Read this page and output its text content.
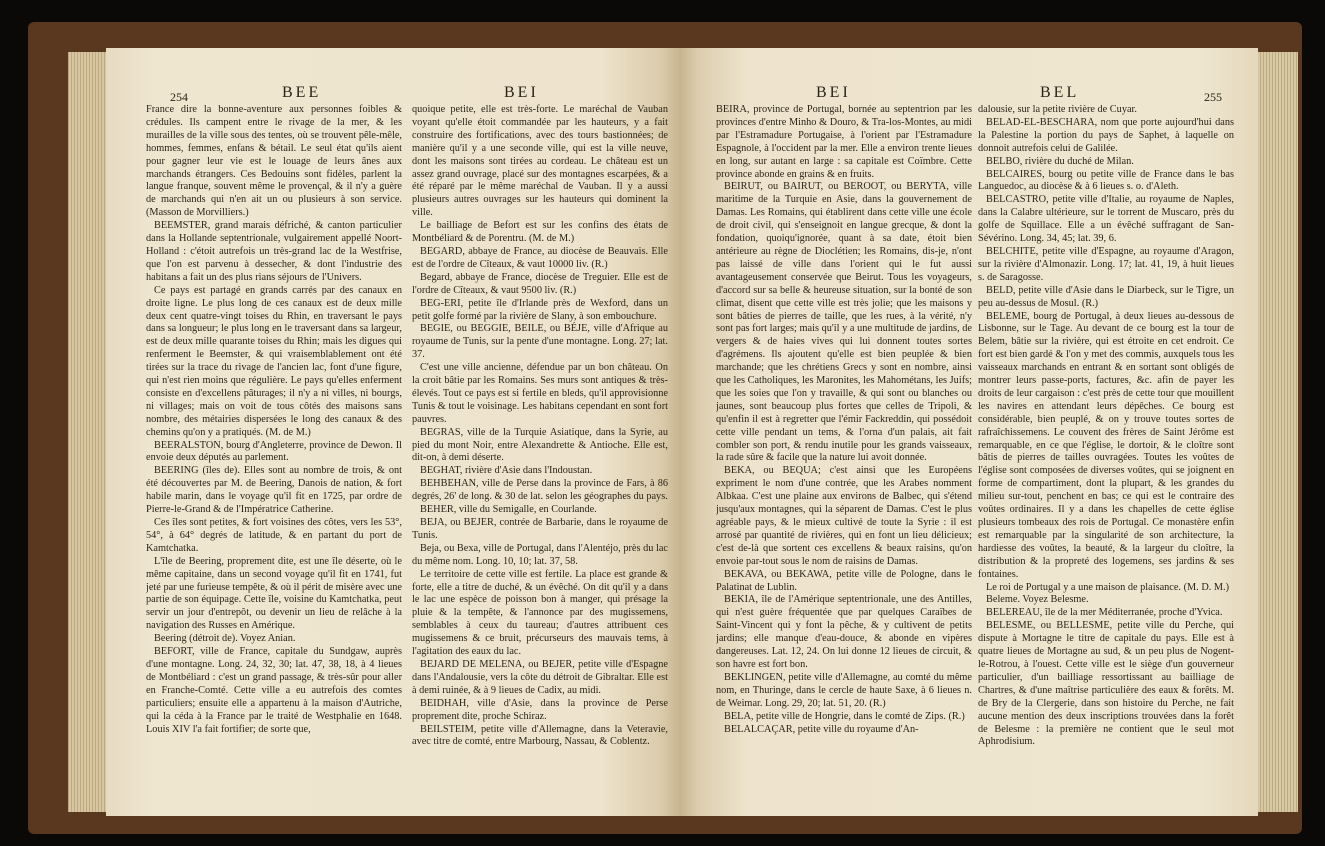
254	BEE	BEI

France dire la bonne-aventure aux personnes foibles & crédules. Ils campent entre le rivage de la mer, & les murailles de la ville sous des tentes, où se trouvent pêle-mêle, hommes, femmes, enfans & bétail. Le seul état qu'ils aient pour gagner leur vie est le louage de leurs ânes aux marchands étrangers. Ces Bedouins sont fidèles, parlent la langue franque, souvent même le provençal, & il n'y a guère de marchands qui n'en ait un ou plusieurs à son service. (Masson de Morvilliers.)

BEEMSTER, grand marais défriché, & canton particulier dans la Hollande septentrionale, vulgairement appellé Noort-Holland : c'étoit autrefois un très-grand lac de la Westfrise, que l'on est parvenu à dessecher, & dont l'industrie des habitans a fait un des plus rians séjours de l'Univers.

Ce pays est partagé en grands carrés par des canaux en droite ligne. Le plus long de ces canaux est de deux mille deux cent quatre-vingt toises du Rhin, en traversant le pays dans sa longueur; le plus long en le traversant dans sa largeur, est de deux mille quarante toises du Rhin; mais les digues qui renferment le Beemster, & qui vraisemblablement ont été tirées sur la trace du rivage de l'ancien lac, font d'une figure, qui n'est rien moins que régulière. Le pays qu'elles enferment consiste en d'excellens pâturages; il n'y a ni villes, ni bourgs, ni villages; mais on voit de tous côtés des maisons sans nombre, des métairies dispersées le long des canaux & des chemins qu'on y a pratiqués. (M. de M.)

BEERALSTON, bourg d'Angleterre, province de Dewon. Il envoie deux députés au parlement.

BEERING (îles de). Elles sont au nombre de trois, & ont été découvertes par M. de Beering, Danois de nation, & fort habile marin, dans le voyage qu'il fit en 1725, par ordre de Pierre-le-Grand & de l'Impératrice Catherine.

Ces îles sont petites, & fort voisines des côtes, vers les 53°, 54°, à 64° degrés de latitude, & en partant du port de Kamtchatka.

L'île de Beering, proprement dite, est une île déserte, où le même capitaine, dans un second voyage qu'il fit en 1741, fut jeté par une furieuse tempête, & où il périt de misère avec une partie de son équipage. Cette île, voisine du Kamtchatka, peut servir un jour d'entrepôt, ou devenir un lieu de relâche à la navigation des Russes en Amérique.

Beering (détroit de). Voyez Anian.

BEFORT, ville de France, capitale du Sundgaw, auprès d'une montagne. Long. 24, 32, 30; lat. 47, 38, 18, à 4 lieues de Montbéliard : c'est un grand passage, & très-sûr pour aller en Franche-Comté. Cette ville a eu autrefois des comtes particuliers; ensuite elle a appartenu à la maison d'Autriche, qui la céda à la France par le traité de Westphalie en 1648. Louis XIV l'a fait fortifier; de sorte que,

quoique petite, elle est très-forte. Le maréchal de Vauban voyant qu'elle étoit commandée par les hauteurs, y a fait construire des fortifications, avec des tours bastionnées; de manière qu'il y a une seconde ville, qui est la ville neuve, dont les maisons sont tirées au cordeau. Le château est un assez grand ouvrage, placé sur des montagnes escarpées, & a été réparé par le même maréchal de Vauban. Il y a aussi plusieurs autres ouvrages sur les hauteurs qui dominent la ville.

Le bailliage de Befort est sur les confins des états de Montbéliard & de Porentru. (M. de M.)

BEGARD, abbaye de France, au diocèse de Beauvais. Elle est de l'ordre de Cîteaux, & vaut 10000 liv. (R.)

Begard, abbaye de France, diocèse de Treguier. Elle est de l'ordre de Cîteaux, & vaut 9500 liv. (R.)

BEG-ERI, petite île d'Irlande près de Wexford, dans un petit golfe formé par la rivière de Slany, à son embouchure.

BEGIE, ou BEGGIE, BEILE, ou BÉJE, ville d'Afrique au royaume de Tunis, sur la pente d'une montagne. Long. 27; lat. 37.

C'est une ville ancienne, défendue par un bon château. On la croit bâtie par les Romains. Ses murs sont antiques & très-élevés. Tout ce pays est si fertile en bleds, qu'il approvisionne Tunis & tout le voisinage. Les habitans cependant en sont fort pauvres.

BEGRAS, ville de la Turquie Asiatique, dans la Syrie, au pied du mont Noir, entre Alexandrette & Antioche. Elle est, dit-on, à demi déserte.

BEGHAT, rivière d'Asie dans l'Indoustan.

BEHBEHAN, ville de Perse dans la province de Fars, à 86 degrés, 26' de long. & 30 de lat. selon les géographes du pays.

BEHER, ville du Semigalle, en Courlande.

BEJA, ou BEJER, contrée de Barbarie, dans le royaume de Tunis.

Beja, ou Bexa, ville de Portugal, dans l'Alentéjo, près du lac du même nom. Long. 10, 10; lat. 37, 58.

Le territoire de cette ville est fertile. La place est grande & forte, elle a titre de duché, & un évêché. On dit qu'il y a dans le lac une espèce de poisson bon à manger, qui présage la pluie & la tempête, & l'annonce par des mugissemens, semblables à ceux du taureau; d'autres attribuent ces mugissemens & ce bruit, précurseurs des mauvais tems, à l'agitation des eaux du lac.

BEJARD DE MELENA, ou BEJER, petite ville d'Espagne dans l'Andalousie, vers la côte du détroit de Gibraltar. Elle est à demi ruinée, & à 9 lieues de Cadix, au midi.

BEIDHAH, ville d'Asie, dans la province de Perse proprement dite, proche Schiraz.

BEILSTEIM, petite ville d'Allemagne, dans la Veteravie, avec titre de comté, entre Marbourg, Nassau, & Coblentz.

BEI	BEL	255

BEIRA, province de Portugal, bornée au septentrion par les provinces d'entre Minho & Douro, & Tra-los-Montes, au midi par l'Estramadure Portugaise, à l'orient par l'Estramadure Espagnole, à l'occident par la mer. Elle a environ trente lieues en long, sur autant en large : sa capitale est Coïmbre. Cette province abonde en grains & en fruits.

BEIRUT, ou BAIRUT, ou BEROOT, ou BERYTA, ville maritime de la Turquie en Asie, dans la gouvernement de Damas. Les Romains, qui établirent dans cette ville une école de droit civil, qui s'enseignoit en langue grecque, & dont la fondation, quoiqu'ignorée, quant à sa date, étoit bien antérieure au règne de Dioclétien; les Romains, dis-je, n'ont pas laissé de ville dans l'orient qui le fut aussi avantageusement conservée que Beirut. Tous les voyageurs, d'accord sur sa belle & heureuse situation, sur la bonté de son climat, disent que cette ville est très jolie; que les maisons y sont bâties de pierres de taille, que les rues, à la vérité, n'y sont pas fort larges; mais qu'il y a une multitude de jardins, de vergers & de haies vives qui lui donnent toutes sortes d'agrémens. Ils ajoutent qu'elle est bien peuplée & bien marchande; que les chrétiens Grecs y sont en nombre, ainsi que les Catholiques, les Maronites, les Mahométans, les Juifs; que les soies que l'on y travaille, & qui sont ou blanches ou jaunes, sont beaucoup plus fortes que celles de Tripoli, & qu'enfin il est à regretter que l'émir Fackreddin, qui possédoit cette ville pendant un tems, & l'orna d'un palais, ait fait combler son port, & rendu inutile pour les grands vaisseaux, la rade sûre & facile que la nature lui avoit donnée.

BEKA, ou BEQUA; c'est ainsi que les Européens expriment le nom d'une contrée, que les Arabes nomment Albkaa. C'est une plaine aux environs de Balbec, qui s'étend jusqu'aux montagnes, qui la séparent de Damas. C'est le plus agréable pays, & le mieux cultivé de toute la Syrie : il est arrosé par quantité de rivières, qui en font un lieu délicieux; c'est de-là que sortent ces excellens & beaux raisins, qu'on envoie par-tout sous le nom de raisins de Damas.

BEKAVA, ou BEKAWA, petite ville de Pologne, dans le Palatinat de Lublin.

BEKIA, île de l'Amérique septentrionale, une des Antilles, qui n'est guère fréquentée que par quelques Caraïbes de Saint-Vincent qui y font la pêche, & y cultivent de petits jardins; elle manque d'eau-douce, & abonde en vipères dangereuses. Lat. 12, 24. On lui donne 12 lieues de circuit, & son havre est fort bon.

BEKLINGEN, petite ville d'Allemagne, au comté du même nom, en Thuringe, dans le cercle de haute Saxe, à 6 lieues n. de Weimar. Long. 29, 20; lat. 51, 20. (R.)

BELA, petite ville de Hongrie, dans le comté de Zips. (R.)

BELALCAÇAR, petite ville du royaume d'An-

dalousie, sur la petite rivière de Cuyar.

BELAD-EL-BESCHARA, nom que porte aujourd'hui dans la Palestine la portion du pays de Saphet, à laquelle on donnoit autrefois celui de Galilée.

BELBO, rivière du duché de Milan.

BELCAIRES, bourg ou petite ville de France dans le bas Languedoc, au diocèse & à 6 lieues s. o. d'Aleth.

BELCASTRO, petite ville d'Italie, au royaume de Naples, dans la Calabre ultérieure, sur le torrent de Muscaro, près du golfe de Squillace. Elle a un évêché suffragant de San-Sévérino. Long. 34, 45; lat. 39, 6.

BELCHITE, petite ville d'Espagne, au royaume d'Aragon, sur la rivière d'Almonazir. Long. 17; lat. 41, 19, à huit lieues s. de Saragosse.

BELD, petite ville d'Asie dans le Diarbeck, sur le Tigre, un peu au-dessus de Mosul. (R.)

BELEME, bourg de Portugal, à deux lieues au-dessous de Lisbonne, sur le Tage. Au devant de ce bourg est la tour de Belem, bâtie sur la rivière, qui est étroite en cet endroit. Ce fort est bien gardé & l'on y met des commis, auxquels tous les vaisseaux marchands en entrant & en sortant sont obligés de montrer leurs passe-ports, factures, &c. afin de payer les droits de leur cargaison : c'est près de cette tour que mouillent les navires en attendant leurs dépêches. Ce bourg est considérable, bien peuplé, & on y trouve toutes sortes de rafraîchissemens. Le couvent des frères de Saint Jérôme est remarquable, en ce que l'église, le dortoir, & le cloître sont bâtis de pierres de tailles ouvragées. Toutes les voûtes de l'église sont composées de diverses voûtes, qui se joignent en forme de compartiment, dont la plupart, & les grandes du milieu sur-tout, penchent en bas; ce qui est le contraire des voûtes ordinaires. Il y a dans les chapelles de cette église plusieurs tombeaux des rois de Portugal. Ce monastère enfin est remarquable par la singularité de son architecture, la hardiesse des voûtes, la beauté, & la largeur du cloître, la distribution & la propreté des logemens, ses jardins & ses fontaines.

Le roi de Portugal y a une maison de plaisance. (M. D. M.)

Beleme. Voyez Belesme.

BELEREAU, île de la mer Méditerranée, proche d'Yvica.

BELESME, ou BELLESME, petite ville du Perche, qui dispute à Mortagne le titre de capitale du pays. Elle est à quatre lieues de Mortagne au sud, & un peu plus de Nogent-le-Rotrou, à l'ouest. Cette ville est le siège d'un gouverneur particulier, d'un bailliage ressortissant au bailliage de Chartres, & d'une maîtrise particulière des eaux & forêts. M. de Bry de la Clergerie, dans son histoire du Perche, ne fait aucune mention des deux inscriptions trouvées dans la forêt de Belesme : la première ne contient que le seul mot Aphrodisium.
